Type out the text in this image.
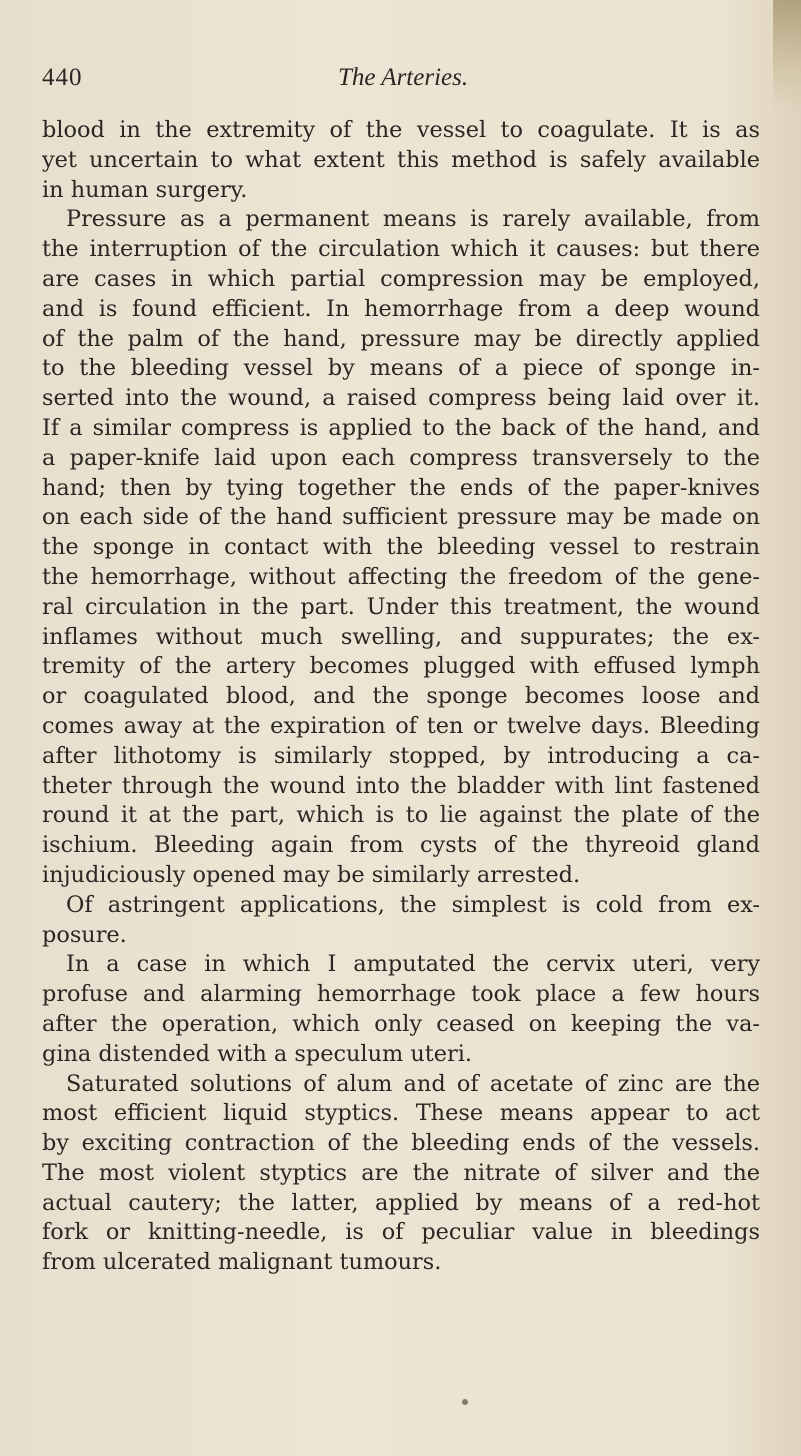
440	The Arteries.
blood in the extremity of the vessel to coagulate. It is as
yet uncertain to what extent this method is safely available
in human surgery.
Pressure as a permanent means is rarely available, from
the interruption of the circulation which it causes: but there
are cases in which partial compression may be employed,
and is found efficient. In hemorrhage from a deep wound
of the palm of the hand, pressure may be directly applied
to the bleeding vessel by means of a piece of sponge in-
serted into the wound, a raised compress being laid over it.
If a similar compress is applied to the back of the hand, and
a paper-knife laid upon each compress transversely to the
hand; then by tying together the ends of the paper-knives
on each side of the hand sufficient pressure may be made on
the sponge in contact with the bleeding vessel to restrain
the hemorrhage, without affecting the freedom of the gene-
ral circulation in the part. Under this treatment, the wound
inflames without much swelling, and suppurates; the ex-
tremity of the artery becomes plugged with effused lymph
or coagulated blood, and the sponge becomes loose and
comes away at the expiration of ten or twelve days. Bleeding
after lithotomy is similarly stopped, by introducing a ca-
theter through the wound into the bladder with lint fastened
round it at the part, which is to lie against the plate of the
ischium. Bleeding again from cysts of the thyreoid gland
injudiciously opened may be similarly arrested.
Of astringent applications, the simplest is cold from ex-
posure.
In a case in which I amputated the cervix uteri, very
profuse and alarming hemorrhage took place a few hours
after the operation, which only ceased on keeping the va-
gina distended with a speculum uteri.
Saturated solutions of alum and of acetate of zinc are the
most efficient liquid styptics. These means appear to act
by exciting contraction of the bleeding ends of the vessels.
The most violent styptics are the nitrate of silver and the
actual cautery; the latter, applied by means of a red-hot
fork or knitting-needle, is of peculiar value in bleedings
from ulcerated malignant tumours.
